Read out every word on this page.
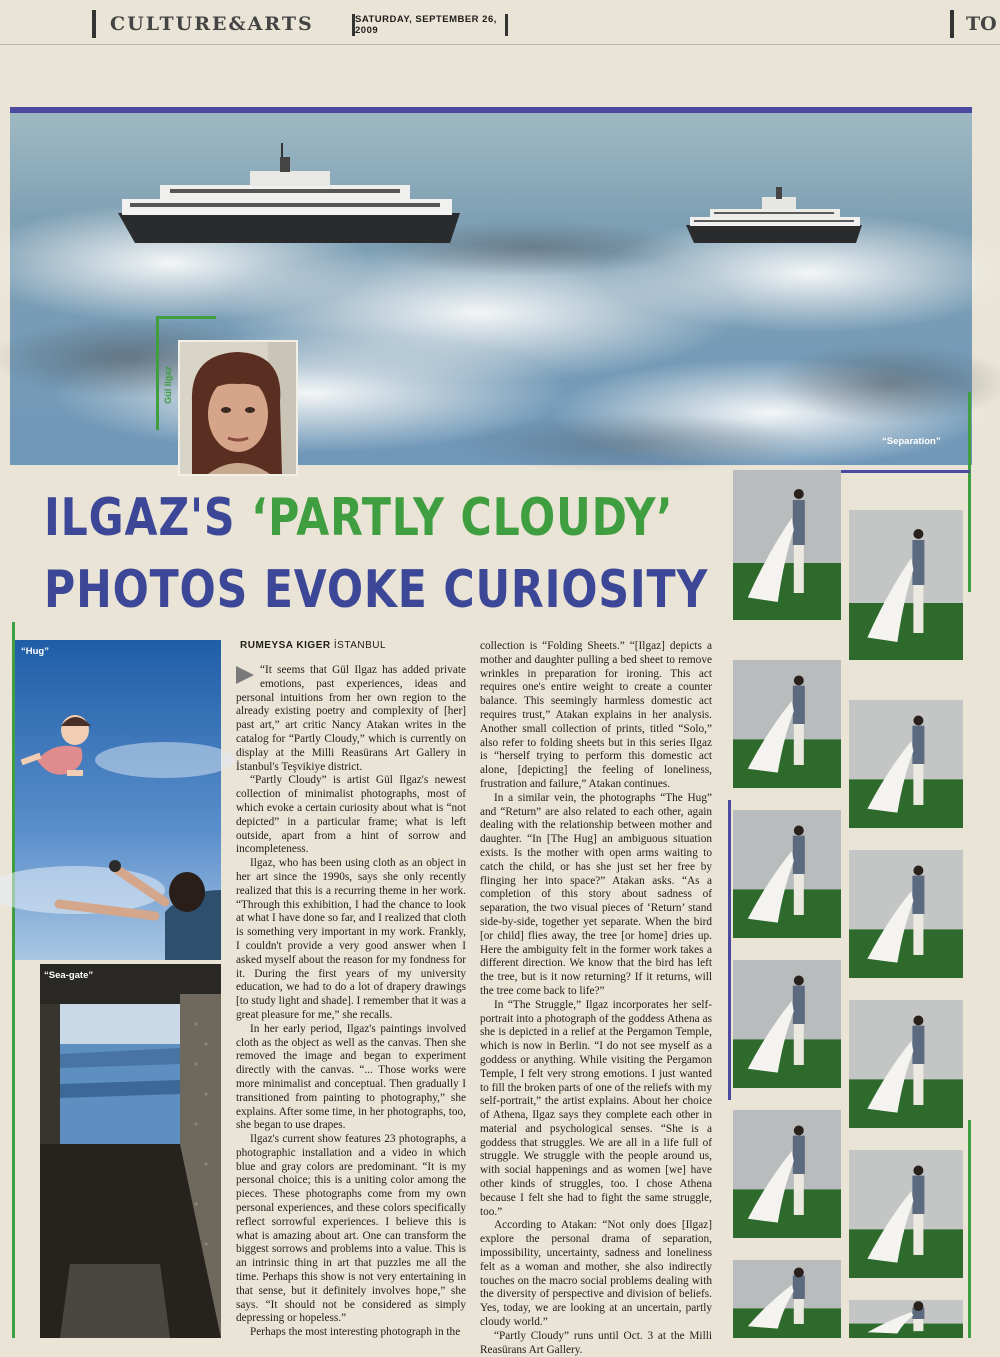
CULTURE&ARTS	SATURDAY, SEPTEMBER 26, 2009	TO
“Separation”
Gül Ilgaz
ILGAZ'S ‘PARTLY CLOUDY’
PHOTOS EVOKE CURIOSITY
“Hug”
“Sea-gate”
RUMEYSA KIGER İSTANBUL

“It seems that Gül Ilgaz has added private emotions, past experiences, ideas and personal intuitions from her own region to the already existing poetry and complexity of [her] past art,” art critic Nancy Atakan writes in the catalog for “Partly Cloudy,” which is currently on display at the Milli Reasürans Art Gallery in İstanbul's Teşvikiye district.

“Partly Cloudy” is artist Gül Ilgaz's newest collection of minimalist photographs, most of which evoke a certain curiosity about what is “not depicted” in a particular frame; what is left outside, apart from a hint of sorrow and incompleteness.

Ilgaz, who has been using cloth as an object in her art since the 1990s, says she only recently realized that this is a recurring theme in her work. “Through this exhibition, I had the chance to look at what I have done so far, and I realized that cloth is something very important in my work. Frankly, I couldn't provide a very good answer when I asked myself about the reason for my fondness for it. During the first years of my university education, we had to do a lot of drapery drawings [to study light and shade]. I remember that it was a great pleasure for me,” she recalls.

In her early period, Ilgaz's paintings involved cloth as the object as well as the canvas. Then she removed the image and began to experiment directly with the canvas. “... Those works were more minimalist and conceptual. Then gradually I transitioned from painting to photography,” she explains. After some time, in her photographs, too, she began to use drapes.

Ilgaz's current show features 23 photographs, a photographic installation and a video in which blue and gray colors are predominant. “It is my personal choice; this is a uniting color among the pieces. These photographs come from my own personal experiences, and these colors specifically reflect sorrowful experiences. I believe this is what is amazing about art. One can transform the biggest sorrows and problems into a value. This is an intrinsic thing in art that puzzles me all the time. Perhaps this show is not very entertaining in that sense, but it definitely involves hope,” she says. “It should not be considered as simply depressing or hopeless.”

Perhaps the most interesting photograph in the

collection is “Folding Sheets.” “[Ilgaz] depicts a mother and daughter pulling a bed sheet to remove wrinkles in preparation for ironing. This act requires one's entire weight to create a counter balance. This seemingly harmless domestic act requires trust,” Atakan explains in her analysis. Another small collection of prints, titled “Solo,” also refer to folding sheets but in this series Ilgaz is “herself trying to perform this domestic act alone, [depicting] the feeling of loneliness, frustration and failure,” Atakan continues.

In a similar vein, the photographs “The Hug” and “Return” are also related to each other, again dealing with the relationship between mother and daughter. “In [The Hug] an ambiguous situation exists. Is the mother with open arms waiting to catch the child, or has she just set her free by flinging her into space?” Atakan asks. “As a completion of this story about sadness of separation, the two visual pieces of ‘Return’ stand side-by-side, together yet separate. When the bird [or child] flies away, the tree [or home] dries up. Here the ambiguity felt in the former work takes a different direction. We know that the bird has left the tree, but is it now returning? If it returns, will the tree come back to life?”

In “The Struggle,” Ilgaz incorporates her self-portrait into a photograph of the goddess Athena as she is depicted in a relief at the Pergamon Temple, which is now in Berlin. “I do not see myself as a goddess or anything. While visiting the Pergamon Temple, I felt very strong emotions. I just wanted to fill the broken parts of one of the reliefs with my self-portrait,” the artist explains. About her choice of Athena, Ilgaz says they complete each other in material and psychological senses. “She is a goddess that struggles. We are all in a life full of struggle. We struggle with the people around us, with social happenings and as women [we] have other kinds of struggles, too. I chose Athena because I felt she had to fight the same struggle, too.”

According to Atakan: “Not only does [Ilgaz] explore the personal drama of separation, impossibility, uncertainty, sadness and loneliness felt as a woman and mother, she also indirectly touches on the macro social problems dealing with the diversity of perspective and division of beliefs. Yes, today, we are looking at an uncertain, partly cloudy world.”

“Partly Cloudy” runs until Oct. 3 at the Milli Reasürans Art Gallery.
